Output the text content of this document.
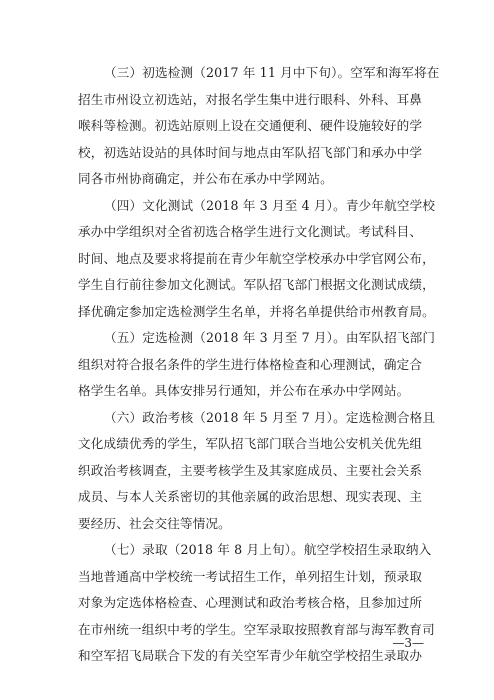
（三）初选检测（2017 年 11 月中下旬）。空军和海军将在

招生市州设立初选站，对报名学生集中进行眼科、外科、耳鼻

喉科等检测。初选站原则上设在交通便利、硬件设施较好的学

校，初选站设站的具体时间与地点由军队招飞部门和承办中学

同各市州协商确定，并公布在承办中学网站。

（四）文化测试（2018 年 3 月至 4 月）。青少年航空学校

承办中学组织对全省初选合格学生进行文化测试。考试科目、

时间、地点及要求将提前在青少年航空学校承办中学官网公布，

学生自行前往参加文化测试。军队招飞部门根据文化测试成绩，

择优确定参加定选检测学生名单，并将名单提供给市州教育局。

（五）定选检测（2018 年 3 月至 7 月）。由军队招飞部门

组织对符合报名条件的学生进行体格检查和心理测试，确定合

格学生名单。具体安排另行通知，并公布在承办中学网站。

（六）政治考核（2018 年 5 月至 7 月）。定选检测合格且

文化成绩优秀的学生，军队招飞部门联合当地公安机关优先组

织政治考核调查，主要考核学生及其家庭成员、主要社会关系

成员、与本人关系密切的其他亲属的政治思想、现实表现、主

要经历、社会交往等情况。

（七）录取（2018 年 8 月上旬）。航空学校招生录取纳入

当地普通高中学校统一考试招生工作，单列招生计划，预录取

对象为定选体格检查、心理测试和政治考核合格，且参加过所

在市州统一组织中考的学生。空军录取按照教育部与海军教育司

和空军招飞局联合下发的有关空军青少年航空学校招生录取办

—3—
